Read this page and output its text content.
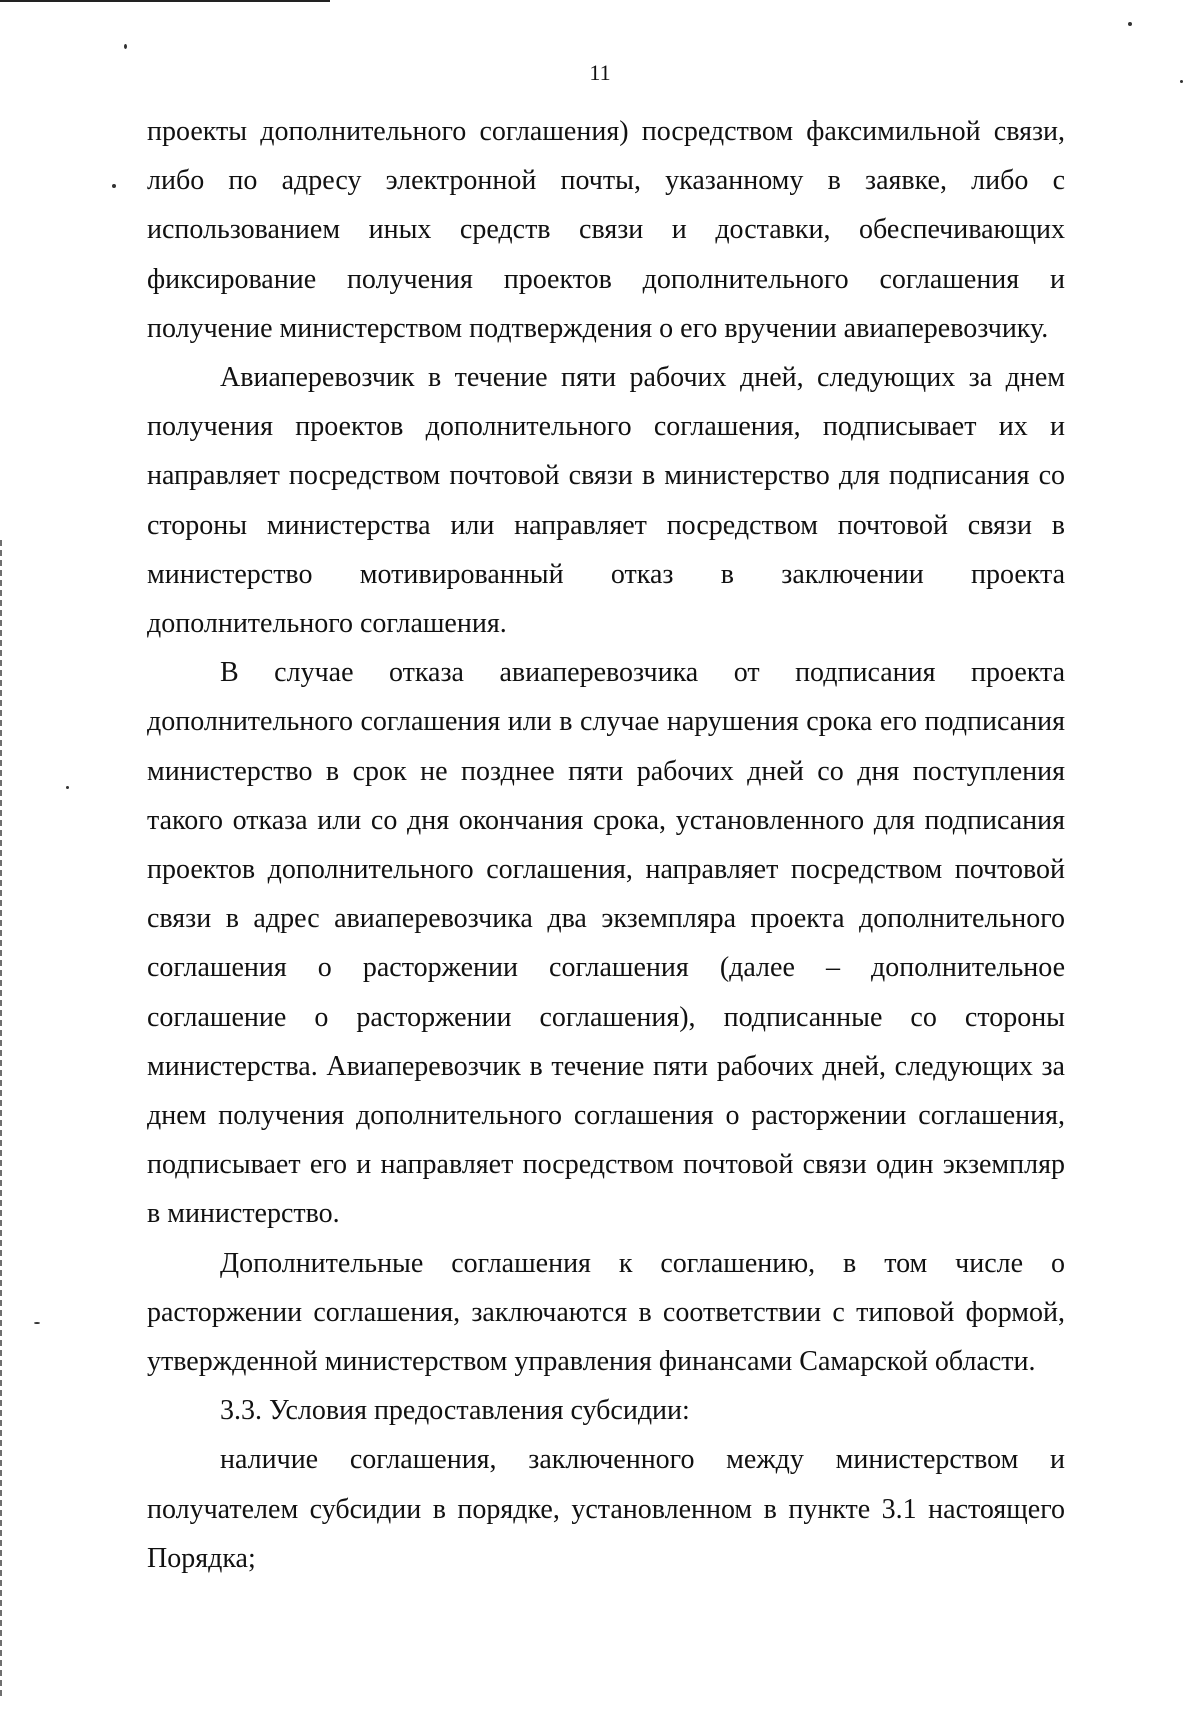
11

проекты дополнительного соглашения) посредством факсимильной связи, либо по адресу электронной почты, указанному в заявке, либо с использованием иных средств связи и доставки, обеспечивающих фиксирование получения проектов дополнительного соглашения и получение министерством подтверждения о его вручении авиаперевозчику.

Авиаперевозчик в течение пяти рабочих дней, следующих за днем получения проектов дополнительного соглашения, подписывает их и направляет посредством почтовой связи в министерство для подписания со стороны министерства или направляет посредством почтовой связи в министерство мотивированный отказ в заключении проекта дополнительного соглашения.

В случае отказа авиаперевозчика от подписания проекта дополнительного соглашения или в случае нарушения срока его подписания министерство в срок не позднее пяти рабочих дней со дня поступления такого отказа или со дня окончания срока, установленного для подписания проектов дополнительного соглашения, направляет посредством почтовой связи в адрес авиаперевозчика два экземпляра проекта дополнительного соглашения о расторжении соглашения (далее – дополнительное соглашение о расторжении соглашения), подписанные со стороны министерства. Авиаперевозчик в течение пяти рабочих дней, следующих за днем получения дополнительного соглашения о расторжении соглашения, подписывает его и направляет посредством почтовой связи один экземпляр в министерство.

Дополнительные соглашения к соглашению, в том числе о расторжении соглашения, заключаются в соответствии с типовой формой, утвержденной министерством управления финансами Самарской области.

3.3. Условия предоставления субсидии:

наличие соглашения, заключенного между министерством и получателем субсидии в порядке, установленном в пункте 3.1 настоящего Порядка;
